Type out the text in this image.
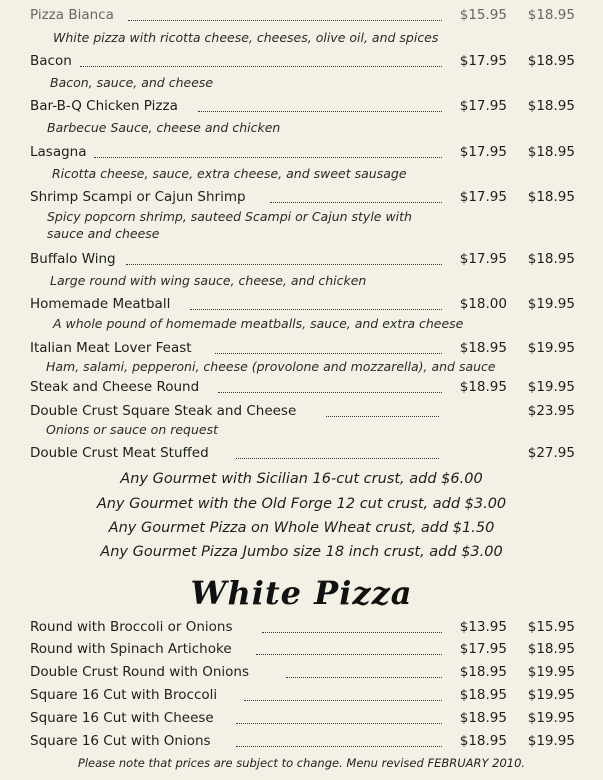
Pizza Bianca	$15.95 $18.95
White pizza with ricotta cheese, cheeses, olive oil, and spices
Bacon	$17.95 $18.95
Bacon, sauce, and cheese
Bar-B-Q Chicken Pizza	$17.95 $18.95
Barbecue Sauce, cheese and chicken
Lasagna	$17.95 $18.95
Ricotta cheese, sauce, extra cheese, and sweet sausage
Shrimp Scampi or Cajun Shrimp	$17.95 $18.95
Spicy popcorn shrimp, sauteed Scampi or Cajun style with
sauce and cheese
Buffalo Wing	$17.95 $18.95
Large round with wing sauce, cheese, and chicken
Homemade Meatball	$18.00 $19.95
A whole pound of homemade meatballs, sauce, and extra cheese
Italian Meat Lover Feast	$18.95 $19.95
Ham, salami, pepperoni, cheese (provolone and mozzarella), and sauce
Steak and Cheese Round	$18.95 $19.95
Double Crust Square Steak and Cheese	$23.95
Onions or sauce on request
Double Crust Meat Stuffed	$27.95
Any Gourmet with Sicilian 16-cut crust, add $6.00
Any Gourmet with the Old Forge 12 cut crust, add $3.00
Any Gourmet Pizza on Whole Wheat crust, add $1.50
Any Gourmet Pizza Jumbo size 18 inch crust, add $3.00
White Pizza
Round with Broccoli or Onions	$13.95 $15.95
Round with Spinach Artichoke	$17.95 $18.95
Double Crust Round with Onions	$18.95 $19.95
Square 16 Cut with Broccoli	$18.95 $19.95
Square 16 Cut with Cheese	$18.95 $19.95
Square 16 Cut with Onions	$18.95 $19.95
Please note that prices are subject to change. Menu revised FEBRUARY 2010.
